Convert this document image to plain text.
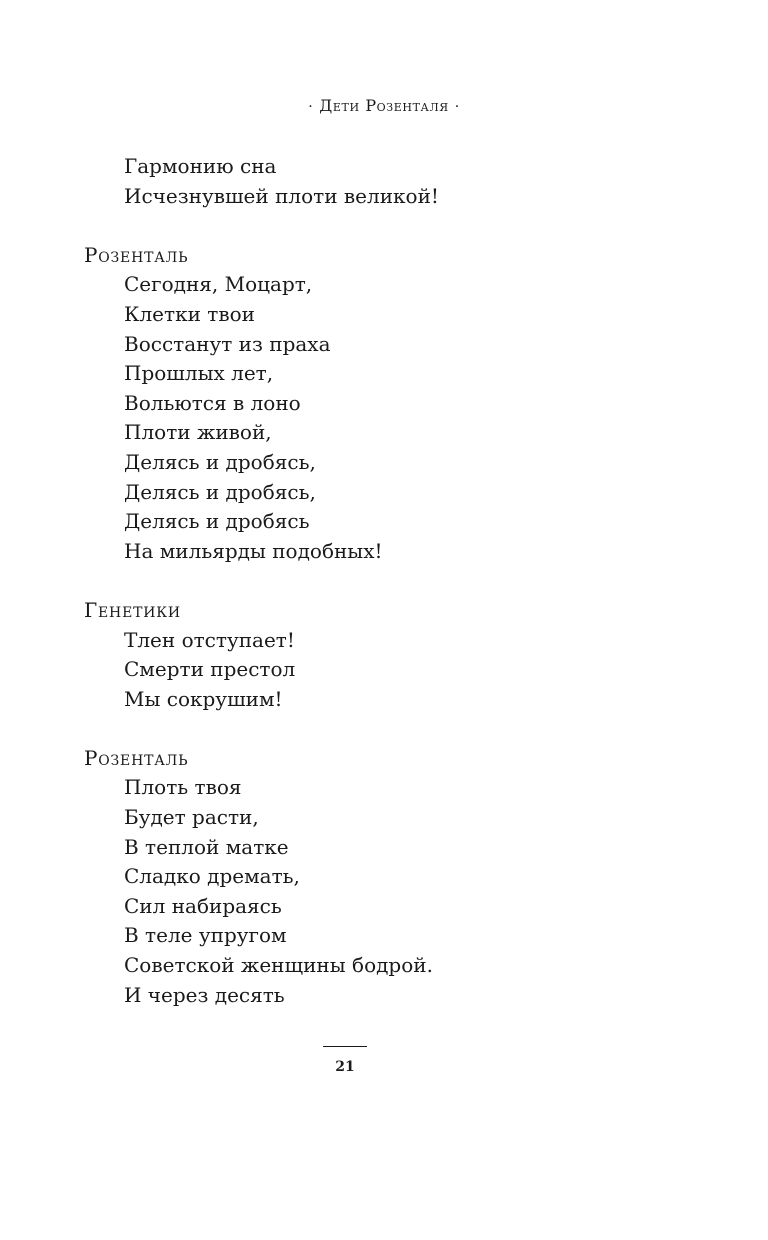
· Дети Розенталя ·
Гармонию сна
Исчезнувшей плоти великой!
Розенталь
Сегодня, Моцарт,
Клетки твои
Восстанут из праха
Прошлых лет,
Вольются в лоно
Плоти живой,
Делясь и дробясь,
Делясь и дробясь,
Делясь и дробясь
На мильярды подобных!
Генетики
Тлен отступает!
Смерти престол
Мы сокрушим!
Розенталь
Плоть твоя
Будет расти,
В теплой матке
Сладко дремать,
Сил набираясь
В теле упругом
Советской женщины бодрой.
И через десять
21
